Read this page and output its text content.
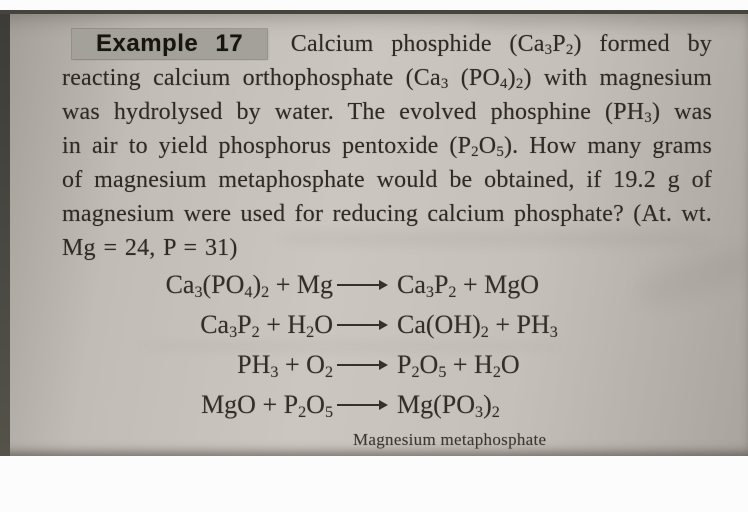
Example 17 Calcium phosphide $(Ca_3P_2)$ formed by
reacting calcium orthophosphate ($Ca_3$ $(PO_4)_2$) with magnesium
was hydrolysed by water. The evolved phosphine $(PH_3)$ was
in air to yield phosphorus pentoxide $(P_2O_5)$. How many grams
of magnesium metaphosphate would be obtained, if 19.2 g of
magnesium were used for reducing calcium phosphate? (At. wt.
Mg = 24, P = 31)
$Ca_3(PO_4)_2 + Mg$	$Ca_3P_2$ + MgO
$Ca_3P_2 + H_2O$	$Ca(OH)_2 + PH_3$
$PH_3 + O_2$	$P_2O_5 + H_2O$
MgO + $P_2O_5$	$Mg(PO_3)_2$
Magnesium metaphosphate
